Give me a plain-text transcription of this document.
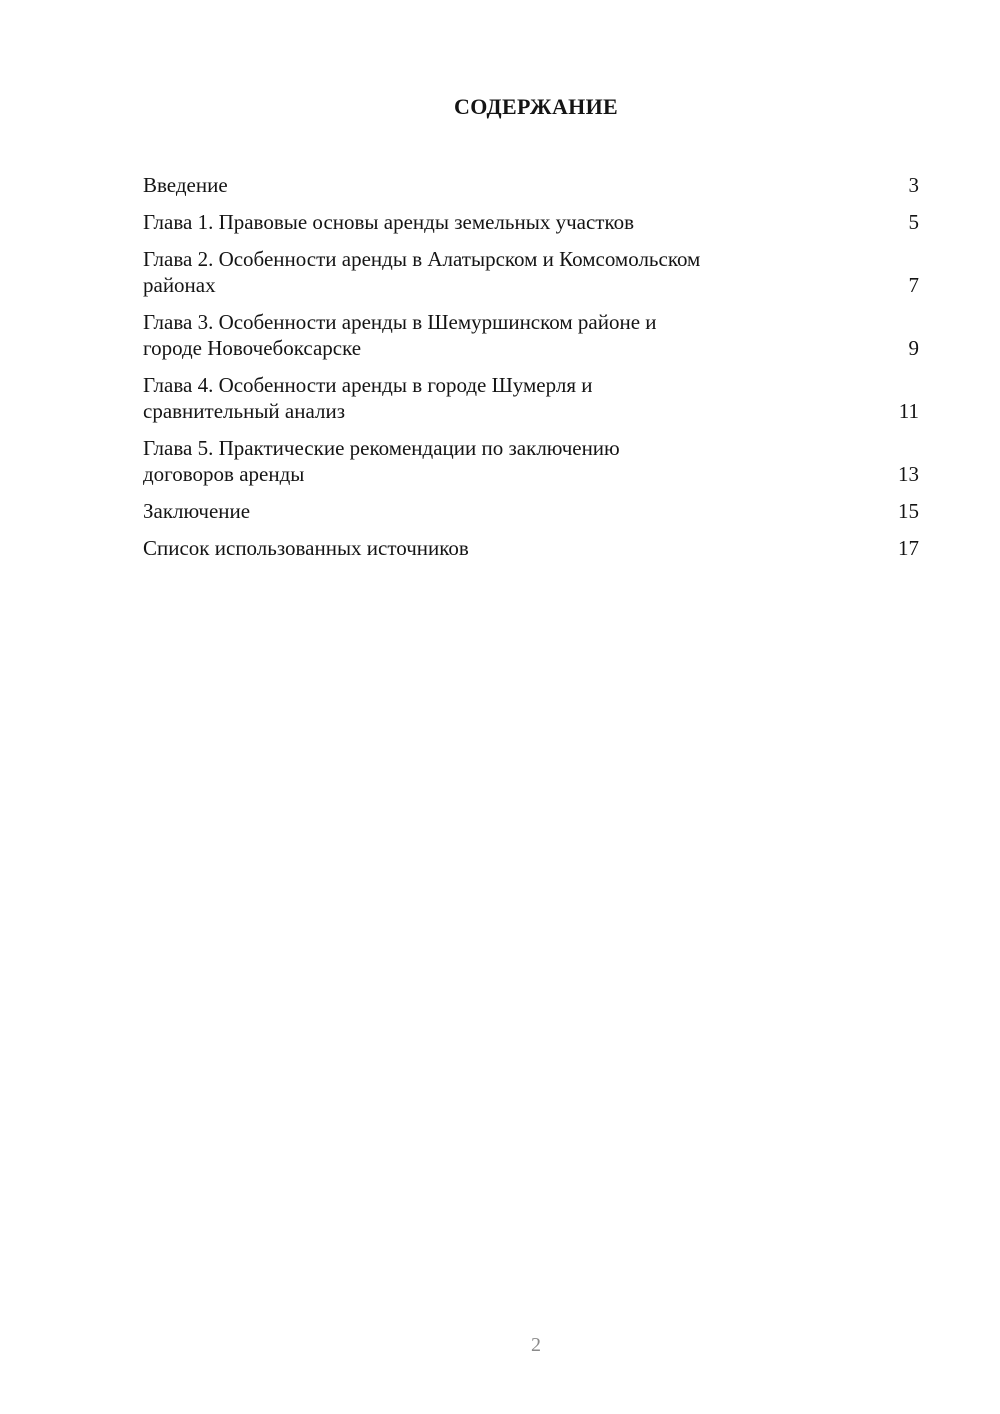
СОДЕРЖАНИЕ
Введение	3
Глава 1. Правовые основы аренды земельных участков	5
Глава 2. Особенности аренды в Алатырском и Комсомольском
районах	7
Глава 3. Особенности аренды в Шемуршинском районе и
городе Новочебоксарске	9
Глава 4. Особенности аренды в городе Шумерля и
сравнительный анализ	11
Глава 5. Практические рекомендации по заключению
договоров аренды	13
Заключение	15
Список использованных источников	17
2
